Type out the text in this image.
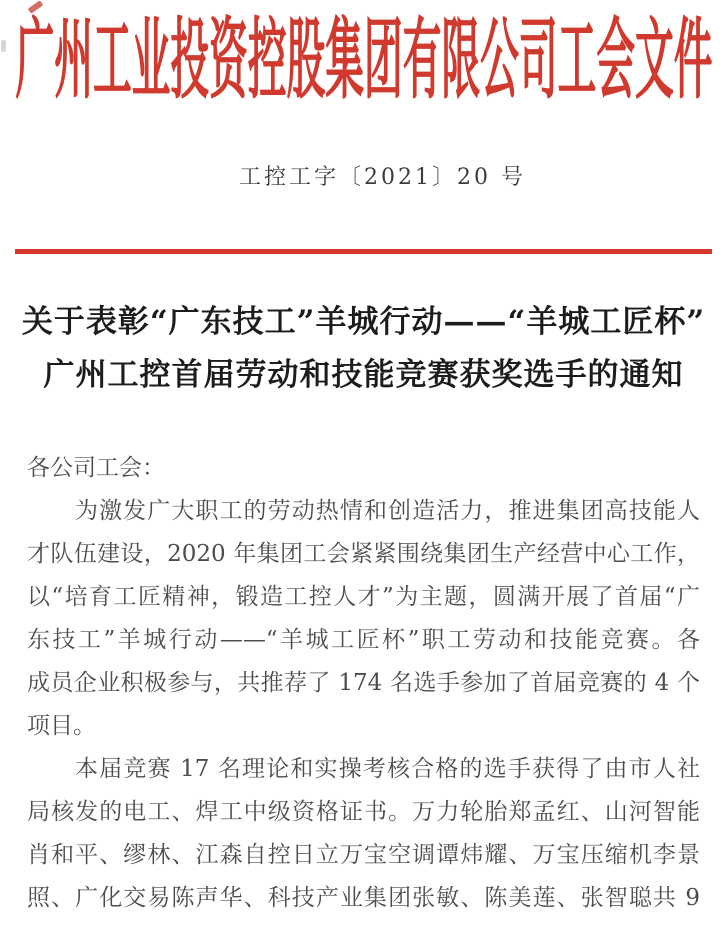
广州工业投资控股集团有限公司工会文件
工控工字〔2021〕20 号
关于表彰“广东技工”羊城行动——“羊城工匠杯”
广州工控首届劳动和技能竞赛获奖选手的通知
各公司工会：
为激发广大职工的劳动热情和创造活力，推进集团高技能人
才队伍建设，2020 年集团工会紧紧围绕集团生产经营中心工作，
以“培育工匠精神，锻造工控人才”为主题，圆满开展了首届“广
东技工”羊城行动——“羊城工匠杯”职工劳动和技能竞赛。各
成员企业积极参与，共推荐了 174 名选手参加了首届竞赛的 4 个
项目。
本届竞赛 17 名理论和实操考核合格的选手获得了由市人社
局核发的电工、焊工中级资格证书。万力轮胎郑孟红、山河智能
肖和平、缪林、江森自控日立万宝空调谭炜耀、万宝压缩机李景
照、广化交易陈声华、科技产业集团张敏、陈美莲、张智聪共 9
